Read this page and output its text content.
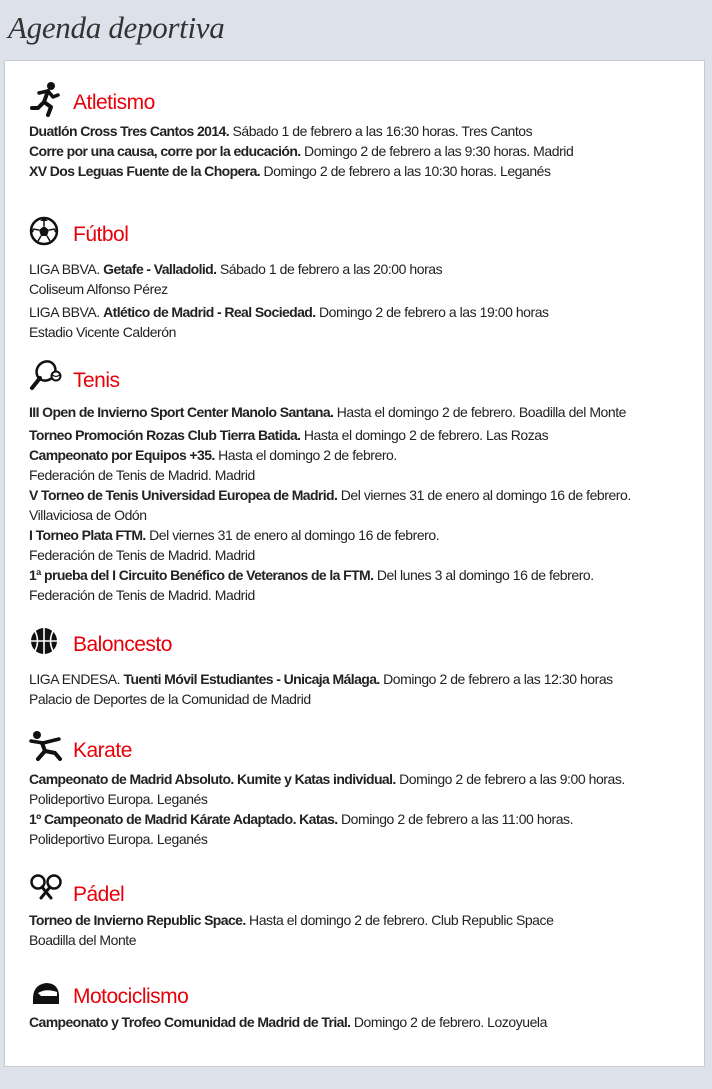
Agenda deportiva
Atletismo
Duatlón Cross Tres Cantos 2014. Sábado 1 de febrero a las 16:30 horas. Tres Cantos
Corre por una causa, corre por la educación. Domingo 2 de febrero a las 9:30 horas. Madrid
XV Dos Leguas Fuente de la Chopera. Domingo 2 de febrero a las 10:30 horas. Leganés
Fútbol
LIGA BBVA. Getafe - Valladolid. Sábado 1 de febrero a las 20:00 horas
Coliseum Alfonso Pérez
LIGA BBVA. Atlético de Madrid - Real Sociedad. Domingo 2 de febrero a las 19:00 horas
Estadio Vicente Calderón
Tenis
III Open de Invierno Sport Center Manolo Santana. Hasta el domingo 2 de febrero. Boadilla del Monte
Torneo Promoción Rozas Club Tierra Batida. Hasta el domingo 2 de febrero. Las Rozas
Campeonato por Equipos +35. Hasta el domingo 2 de febrero.
Federación de Tenis de Madrid. Madrid
V Torneo de Tenis Universidad Europea de Madrid. Del viernes 31 de enero al domingo 16 de febrero.
Villaviciosa de Odón
I Torneo Plata FTM. Del viernes 31 de enero al domingo 16 de febrero.
Federación de Tenis de Madrid. Madrid
1ª prueba del I Circuito Benéfico de Veteranos de la FTM. Del lunes 3 al domingo 16 de febrero.
Federación de Tenis de Madrid. Madrid
Baloncesto
LIGA ENDESA. Tuenti Móvil Estudiantes - Unicaja Málaga. Domingo 2 de febrero a las 12:30 horas
Palacio de Deportes de la Comunidad de Madrid
Karate
Campeonato de Madrid Absoluto. Kumite y Katas individual. Domingo 2 de febrero a las 9:00 horas.
Polideportivo Europa. Leganés
1º Campeonato de Madrid Kárate Adaptado. Katas. Domingo 2 de febrero a las 11:00 horas.
Polideportivo Europa. Leganés
Pádel
Torneo de Invierno Republic Space. Hasta el domingo 2 de febrero. Club Republic Space
Boadilla del Monte
Motociclismo
Campeonato y Trofeo Comunidad de Madrid de Trial. Domingo 2 de febrero. Lozoyuela
